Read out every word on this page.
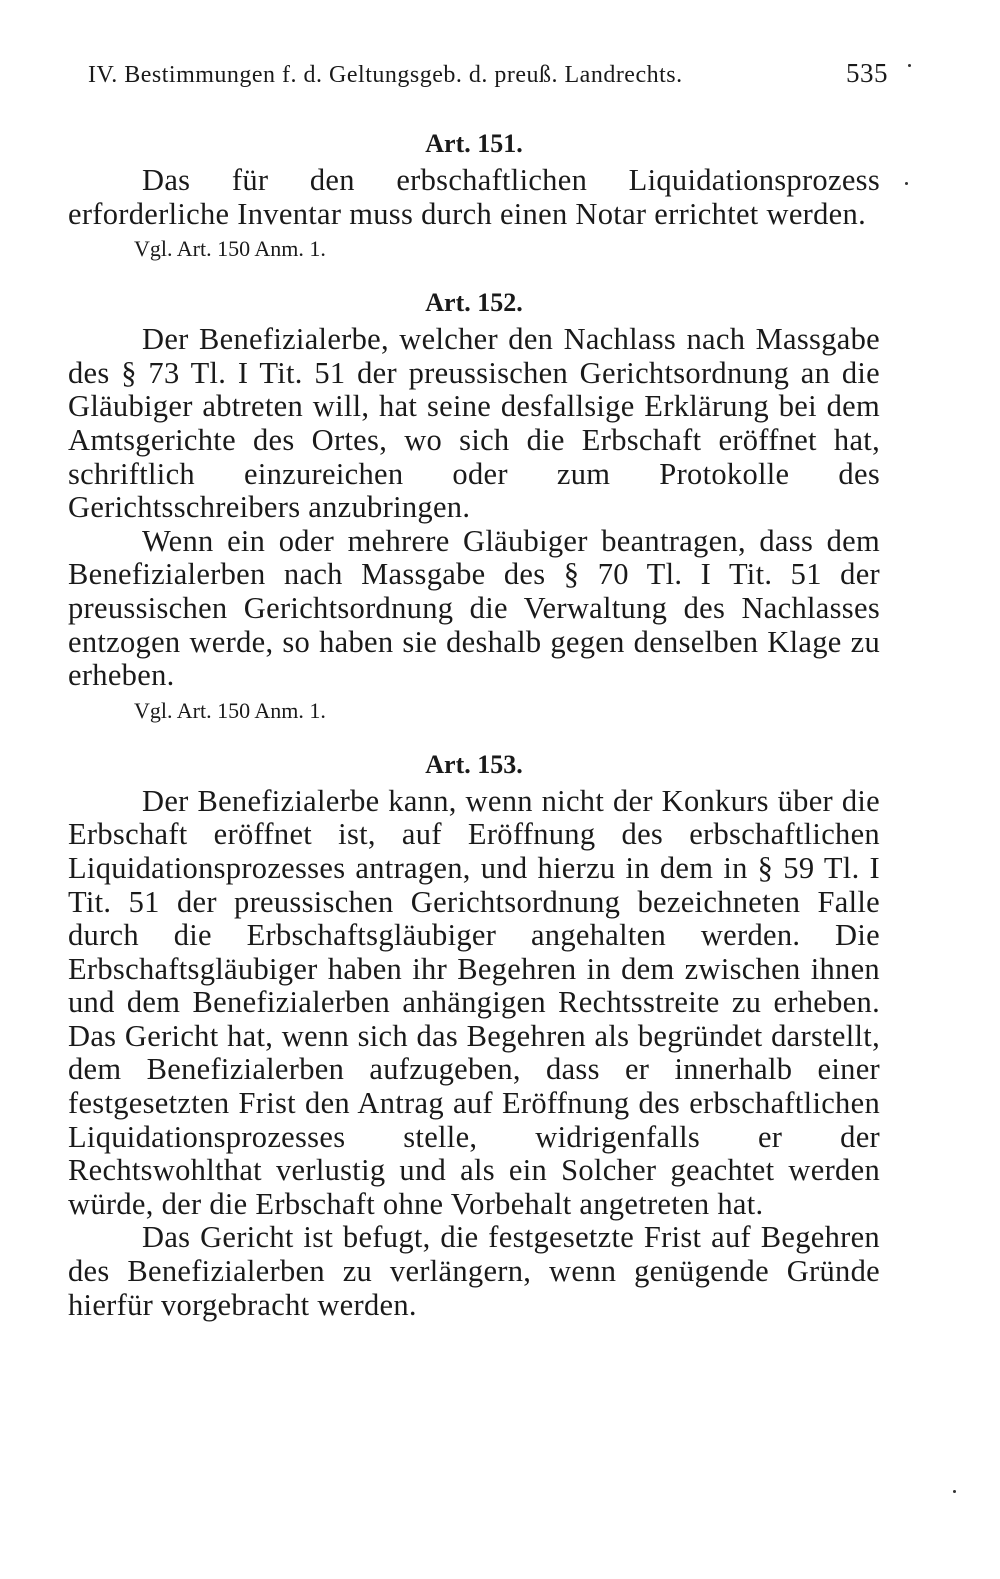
IV. Bestimmungen f. d. Geltungsgeb. d. preuß. Landrechts.	535
Art. 151.

Das für den erbschaftlichen Liquidationsprozess erforderliche Inventar muss durch einen Notar errichtet werden.

Vgl. Art. 150 Anm. 1.

Art. 152.

Der Benefizialerbe, welcher den Nachlass nach Massgabe des § 73 Tl. I Tit. 51 der preussischen Gerichtsordnung an die Gläubiger abtreten will, hat seine desfallsige Erklärung bei dem Amtsgerichte des Ortes, wo sich die Erbschaft eröffnet hat, schriftlich einzureichen oder zum Protokolle des Gerichtsschreibers anzubringen.

Wenn ein oder mehrere Gläubiger beantragen, dass dem Benefizialerben nach Massgabe des § 70 Tl. I Tit. 51 der preussischen Gerichtsordnung die Verwaltung des Nachlasses entzogen werde, so haben sie deshalb gegen denselben Klage zu erheben.

Vgl. Art. 150 Anm. 1.

Art. 153.

Der Benefizialerbe kann, wenn nicht der Konkurs über die Erbschaft eröffnet ist, auf Eröffnung des erbschaftlichen Liquidationsprozesses antragen, und hierzu in dem in § 59 Tl. I Tit. 51 der preussischen Gerichtsordnung bezeichneten Falle durch die Erbschaftsgläubiger angehalten werden. Die Erbschaftsgläubiger haben ihr Begehren in dem zwischen ihnen und dem Benefizialerben anhängigen Rechtsstreite zu erheben. Das Gericht hat, wenn sich das Begehren als begründet darstellt, dem Benefizialerben aufzugeben, dass er innerhalb einer festgesetzten Frist den Antrag auf Eröffnung des erbschaftlichen Liquidationsprozesses stelle, widrigenfalls er der Rechtswohlthat verlustig und als ein Solcher geachtet werden würde, der die Erbschaft ohne Vorbehalt angetreten hat.

Das Gericht ist befugt, die festgesetzte Frist auf Begehren des Benefizialerben zu verlängern, wenn genügende Gründe hierfür vorgebracht werden.
